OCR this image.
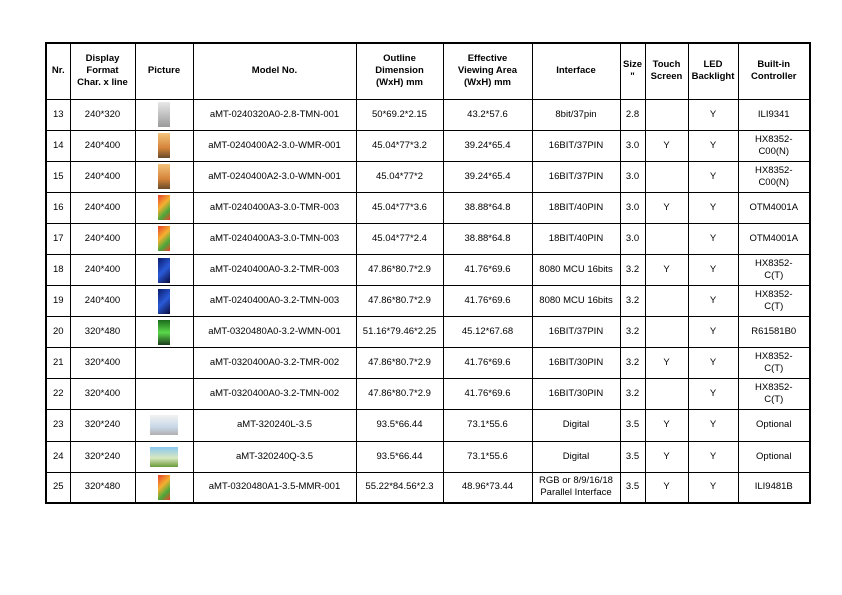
Nr.	Display
Format
Char. x line	Picture	Model No.	Outline
Dimension
(WxH) mm	Effective
Viewing Area
(WxH) mm	Interface	Size
"	Touch
Screen	LED
Backlight	Built-in
Controller
13	240*320		aMT-0240320A0-2.8-TMN-001	50*69.2*2.15	43.2*57.6	8bit/37pin	2.8		Y	ILI9341
14	240*400		aMT-0240400A2-3.0-WMR-001	45.04*77*3.2	39.24*65.4	16BIT/37PIN	3.0	Y	Y	HX8352-
C00(N)
15	240*400		aMT-0240400A2-3.0-WMN-001	45.04*77*2	39.24*65.4	16BIT/37PIN	3.0		Y	HX8352-
C00(N)
16	240*400		aMT-0240400A3-3.0-TMR-003	45.04*77*3.6	38.88*64.8	18BIT/40PIN	3.0	Y	Y	OTM4001A
17	240*400		aMT-0240400A3-3.0-TMN-003	45.04*77*2.4	38.88*64.8	18BIT/40PIN	3.0		Y	OTM4001A
18	240*400		aMT-0240400A0-3.2-TMR-003	47.86*80.7*2.9	41.76*69.6	8080 MCU 16bits	3.2	Y	Y	HX8352-
C(T)
19	240*400		aMT-0240400A0-3.2-TMN-003	47.86*80.7*2.9	41.76*69.6	8080 MCU 16bits	3.2		Y	HX8352-
C(T)
20	320*480		aMT-0320480A0-3.2-WMN-001	51.16*79.46*2.25	45.12*67.68	16BIT/37PIN	3.2		Y	R61581B0
21	320*400		aMT-0320400A0-3.2-TMR-002	47.86*80.7*2.9	41.76*69.6	16BIT/30PIN	3.2	Y	Y	HX8352-
C(T)
22	320*400		aMT-0320400A0-3.2-TMN-002	47.86*80.7*2.9	41.76*69.6	16BIT/30PIN	3.2		Y	HX8352-
C(T)
23	320*240		aMT-320240L-3.5	93.5*66.44	73.1*55.6	Digital	3.5	Y	Y	Optional
24	320*240		aMT-320240Q-3.5	93.5*66.44	73.1*55.6	Digital	3.5	Y	Y	Optional
25	320*480		aMT-0320480A1-3.5-MMR-001	55.22*84.56*2.3	48.96*73.44	RGB or 8/9/16/18
Parallel Interface	3.5	Y	Y	ILI9481B
